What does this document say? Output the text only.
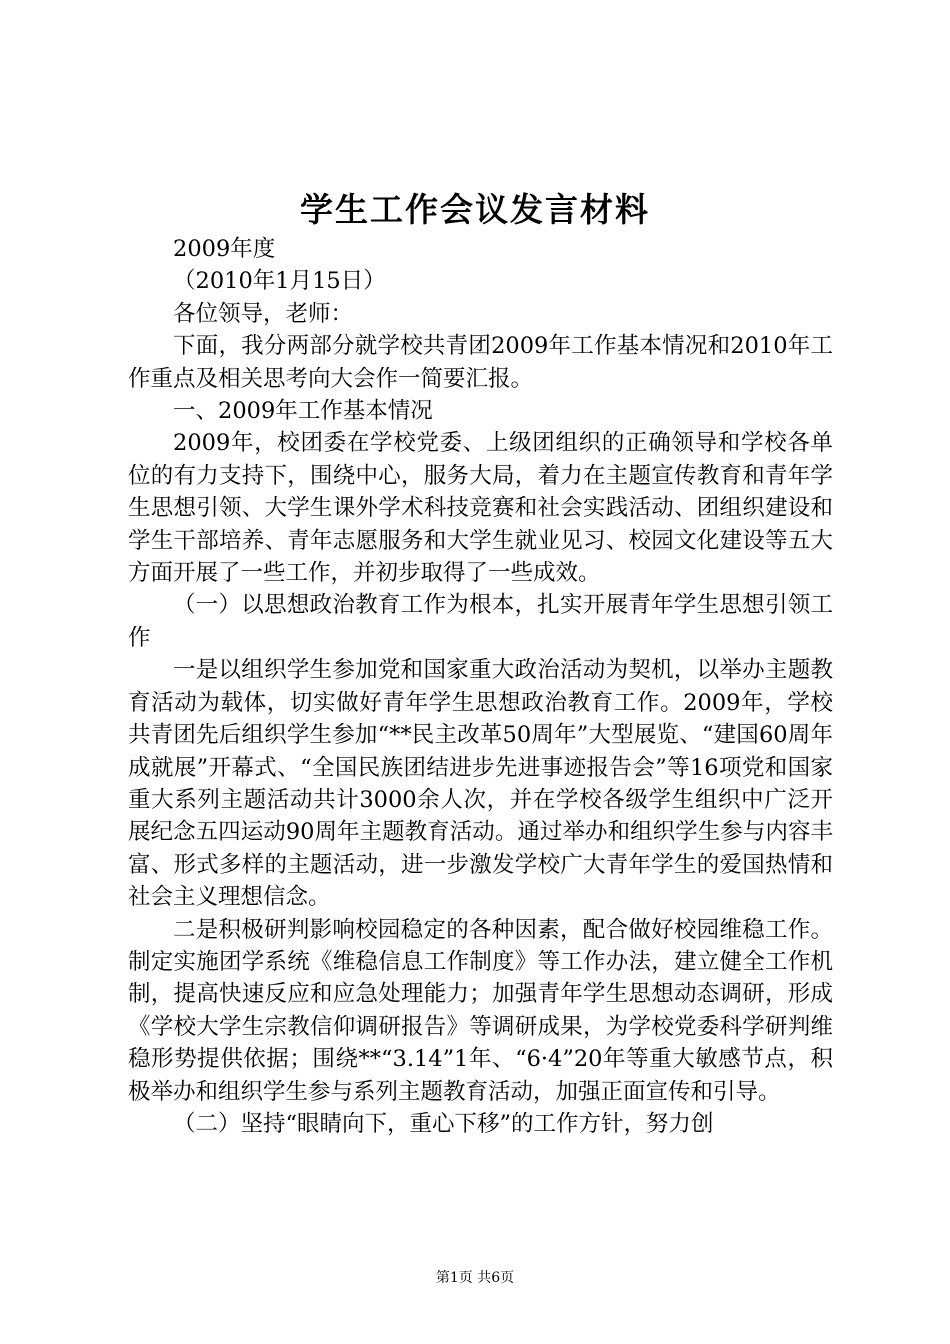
学生工作会议发言材料

2009年度

（2010年1月15日）

各位领导，老师：

下面，我分两部分就学校共青团2009年工作基本情况和2010年工作重点及相关思考向大会作一简要汇报。

一、2009年工作基本情况

2009年，校团委在学校党委、上级团组织的正确领导和学校各单位的有力支持下，围绕中心，服务大局，着力在主题宣传教育和青年学生思想引领、大学生课外学术科技竞赛和社会实践活动、团组织建设和学生干部培养、青年志愿服务和大学生就业见习、校园文化建设等五大方面开展了一些工作，并初步取得了一些成效。

（一）以思想政治教育工作为根本，扎实开展青年学生思想引领工作

一是以组织学生参加党和国家重大政治活动为契机，以举办主题教育活动为载体，切实做好青年学生思想政治教育工作。2009年，学校共青团先后组织学生参加“**民主改革50周年”大型展览、“建国60周年成就展”开幕式、“全国民族团结进步先进事迹报告会”等16项党和国家重大系列主题活动共计3000余人次，并在学校各级学生组织中广泛开展纪念五四运动90周年主题教育活动。通过举办和组织学生参与内容丰富、形式多样的主题活动，进一步激发学校广大青年学生的爱国热情和社会主义理想信念。

二是积极研判影响校园稳定的各种因素，配合做好校园维稳工作。制定实施团学系统《维稳信息工作制度》等工作办法，建立健全工作机制，提高快速反应和应急处理能力；加强青年学生思想动态调研，形成《学校大学生宗教信仰调研报告》等调研成果，为学校党委科学研判维稳形势提供依据；围绕**“3.14”1年、“6·4”20年等重大敏感节点，积极举办和组织学生参与系列主题教育活动，加强正面宣传和引导。

（二）坚持“眼睛向下，重心下移”的工作方针，努力创

第1页 共6页
